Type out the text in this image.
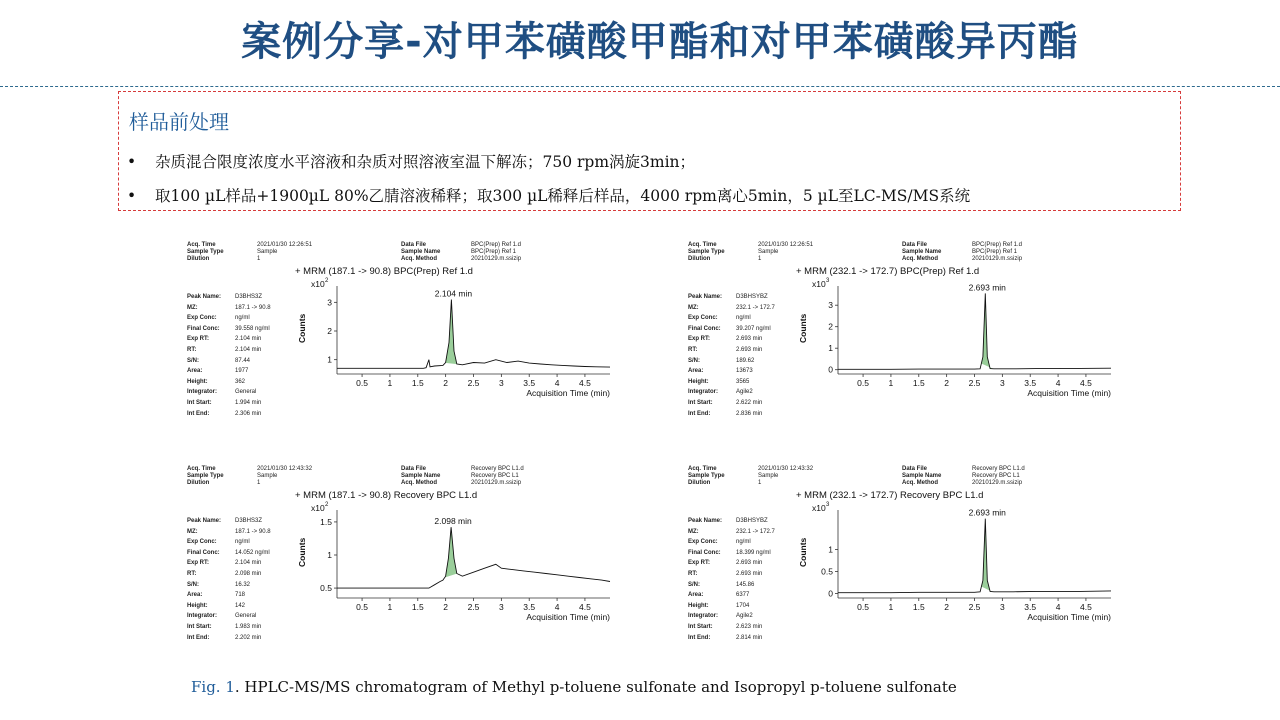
案例分享-对甲苯磺酸甲酯和对甲苯磺酸异丙酯
样品前处理
• 杂质混合限度浓度水平溶液和杂质对照溶液室温下解冻；750 rpm涡旋3min；
• 取100 µL样品+1900µL 80%乙腈溶液稀释；取300 µL稀释后样品，4000 rpm离心5min，5 µL至LC-MS/MS系统
Acq. Time	2021/01/30 12:26:51
Sample Type	Sample
Dilution	1
Data File	BPC(Prep) Ref 1.d
Sample Name	BPC(Prep) Ref 1
Acq. Method	20210129.m.ssizip
Peak Name: D3BHS3Z
MZ:	187.1 -> 90.8
Exp Conc:	ng/ml
Final Conc:	39.558 ng/ml
Exp RT:	2.104 min
RT:	2.104 min
S/N:	87.44
Area:	1977
Height:	362
Integrator:	General
Int Start:	1.994 min
Int End:	2.306 min
+ MRM (187.1 -> 90.8) BPC(Prep) Ref 1.d
Counts
x10 2
1
2
3
0.5 1 1.5 2 2.5 3 3.5 4 4.5
Acquisition Time (min)
2.104 min
Acq. Time	2021/01/30 12:26:51
Sample Type	Sample
Dilution	1
Data File	BPC(Prep) Ref 1.d
Sample Name	BPC(Prep) Ref 1
Acq. Method	20210129.m.ssizip
Peak Name: D3BHSYBZ
MZ:	232.1 -> 172.7
Exp Conc:	ng/ml
Final Conc:	39.207 ng/ml
Exp RT:	2.693 min
RT:	2.693 min
S/N:	189.62
Area:	13673
Height:	3565
Integrator:	Agile2
Int Start:	2.622 min
Int End:	2.836 min
+ MRM (232.1 -> 172.7) BPC(Prep) Ref 1.d
Counts
x10 3
0
1
2
3
0.5 1 1.5 2 2.5 3 3.5 4 4.5
Acquisition Time (min)
2.693 min
Acq. Time	2021/01/30 12:43:32
Sample Type	Sample
Dilution	1
Data File	Recovery BPC L1.d
Sample Name	Recovery BPC L1
Acq. Method	20210129.m.ssizip
Peak Name: D3BHS3Z
MZ:	187.1 -> 90.8
Exp Conc:	ng/ml
Final Conc:	14.052 ng/ml
Exp RT:	2.104 min
RT:	2.098 min
S/N:	16.32
Area:	718
Height:	142
Integrator:	General
Int Start:	1.983 min
Int End:	2.202 min
+ MRM (187.1 -> 90.8) Recovery BPC L1.d
Counts
x10 2
0.5
1
1.5
0.5 1 1.5 2 2.5 3 3.5 4 4.5
Acquisition Time (min)
2.098 min
Acq. Time	2021/01/30 12:43:32
Sample Type	Sample
Dilution	1
Data File	Recovery BPC L1.d
Sample Name	Recovery BPC L1
Acq. Method	20210129.m.ssizip
Peak Name: D3BHSYBZ
MZ:	232.1 -> 172.7
Exp Conc:	ng/ml
Final Conc:	18.399 ng/ml
Exp RT:	2.693 min
RT:	2.693 min
S/N:	145.86
Area:	6377
Height:	1704
Integrator:	Agile2
Int Start:	2.623 min
Int End:	2.814 min
+ MRM (232.1 -> 172.7) Recovery BPC L1.d
Counts
x10 3
0
0.5
1
0.5 1 1.5 2 2.5 3 3.5 4 4.5
Acquisition Time (min)
2.693 min
Fig. 1. HPLC-MS/MS chromatogram of Methyl p-toluene sulfonate and Isopropyl p-toluene sulfonate
